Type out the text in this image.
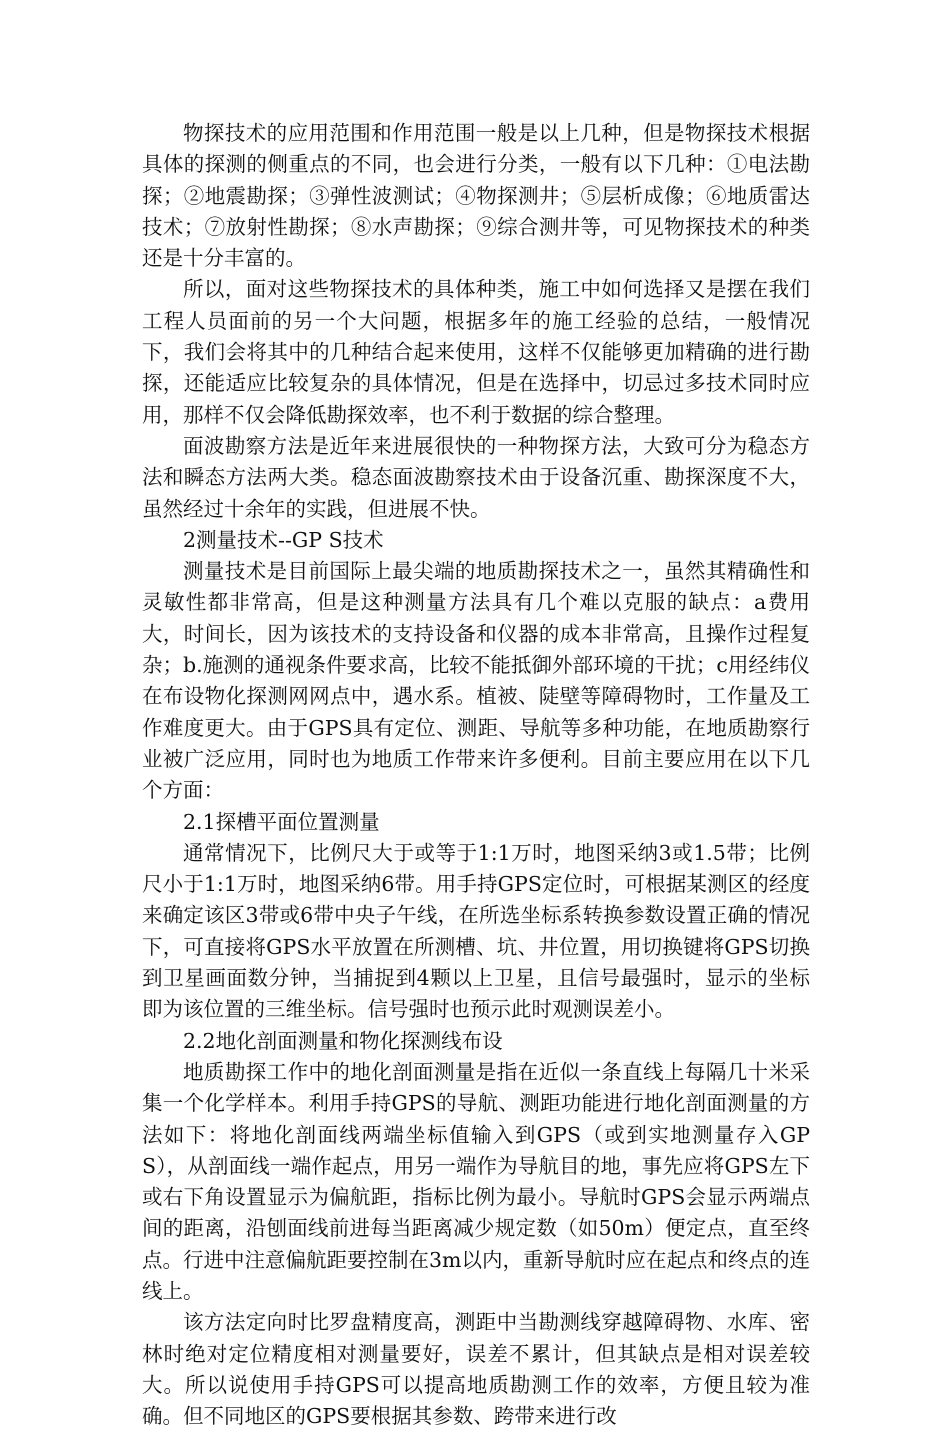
物探技术的应用范围和作用范围一般是以上几种，但是物探技术根据具体的探测的侧重点的不同，也会进行分类，一般有以下几种：①电法勘探；②地震勘探；③弹性波测试；④物探测井；⑤层析成像；⑥地质雷达技术；⑦放射性勘探；⑧水声勘探；⑨综合测井等，可见物探技术的种类还是十分丰富的。

所以，面对这些物探技术的具体种类，施工中如何选择又是摆在我们工程人员面前的另一个大问题，根据多年的施工经验的总结，一般情况下，我们会将其中的几种结合起来使用，这样不仅能够更加精确的进行勘探，还能适应比较复杂的具体情况，但是在选择中，切忌过多技术同时应用，那样不仅会降低勘探效率，也不利于数据的综合整理。

面波勘察方法是近年来进展很快的一种物探方法，大致可分为稳态方法和瞬态方法两大类。稳态面波勘察技术由于设备沉重、勘探深度不大，虽然经过十余年的实践，但进展不快。

2测量技术--GP S技术

测量技术是目前国际上最尖端的地质勘探技术之一，虽然其精确性和灵敏性都非常高，但是这种测量方法具有几个难以克服的缺点：a费用大，时间长，因为该技术的支持设备和仪器的成本非常高，且操作过程复杂；b.施测的通视条件要求高，比较不能抵御外部环境的干扰；c用经纬仪在布设物化探测网网点中，遇水系。植被、陡壁等障碍物时，工作量及工作难度更大。由于GPS具有定位、测距、导航等多种功能，在地质勘察行业被广泛应用，同时也为地质工作带来许多便利。目前主要应用在以下几个方面：

2.1探槽平面位置测量

通常情况下，比例尺大于或等于1:1万时，地图采纳3或1.5带；比例尺小于1:1万时，地图采纳6带。用手持GPS定位时，可根据某测区的经度来确定该区3带或6带中央子午线，在所选坐标系转换参数设置正确的情况下，可直接将GPS水平放置在所测槽、坑、井位置，用切换键将GPS切换到卫星画面数分钟，当捕捉到4颗以上卫星，且信号最强时，显示的坐标即为该位置的三维坐标。信号强时也预示此时观测误差小。

2.2地化剖面测量和物化探测线布设

地质勘探工作中的地化剖面测量是指在近似一条直线上每隔几十米采集一个化学样本。利用手持GPS的导航、测距功能进行地化剖面测量的方法如下：将地化剖面线两端坐标值输入到GPS（或到实地测量存入GPS），从剖面线一端作起点，用另一端作为导航目的地，事先应将GPS左下或右下角设置显示为偏航距，指标比例为最小。导航时GPS会显示两端点间的距离，沿刨面线前进每当距离减少规定数（如50m）便定点，直至终点。行进中注意偏航距要控制在3m以内，重新导航时应在起点和终点的连线上。

该方法定向时比罗盘精度高，测距中当勘测线穿越障碍物、水库、密林时绝对定位精度相对测量要好，误差不累计，但其缺点是相对误差较大。所以说使用手持GPS可以提高地质勘测工作的效率，方便且较为准确。但不同地区的GPS要根据其参数、跨带来进行改
